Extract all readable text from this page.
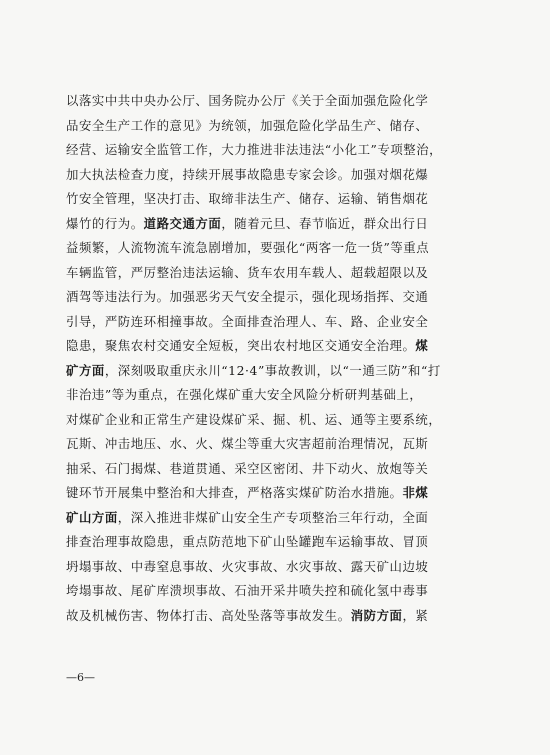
以落实中共中央办公厅、国务院办公厅《关于全面加强危险化学
品安全生产工作的意见》为统领，加强危险化学品生产、储存、
经营、运输安全监管工作，大力推进非法违法“小化工”专项整治，
加大执法检查力度，持续开展事故隐患专家会诊。加强对烟花爆
竹安全管理，坚决打击、取缔非法生产、储存、运输、销售烟花
爆竹的行为。道路交通方面，随着元旦、春节临近，群众出行日
益频繁，人流物流车流急剧增加，要强化“两客一危一货”等重点
车辆监管，严厉整治违法运输、货车农用车载人、超载超限以及
酒驾等违法行为。加强恶劣天气安全提示，强化现场指挥、交通
引导，严防连环相撞事故。全面排查治理人、车、路、企业安全
隐患，聚焦农村交通安全短板，突出农村地区交通安全治理。煤
矿方面，深刻吸取重庆永川“12·4”事故教训，以“一通三防”和“打
非治违”等为重点，在强化煤矿重大安全风险分析研判基础上，
对煤矿企业和正常生产建设煤矿采、掘、机、运、通等主要系统，
瓦斯、冲击地压、水、火、煤尘等重大灾害超前治理情况，瓦斯
抽采、石门揭煤、巷道贯通、采空区密闭、井下动火、放炮等关
键环节开展集中整治和大排查，严格落实煤矿防治水措施。非煤
矿山方面，深入推进非煤矿山安全生产专项整治三年行动，全面
排查治理事故隐患，重点防范地下矿山坠罐跑车运输事故、冒顶
坍塌事故、中毒窒息事故、火灾事故、水灾事故、露天矿山边坡
垮塌事故、尾矿库溃坝事故、石油开采井喷失控和硫化氢中毒事
故及机械伤害、物体打击、高处坠落等事故发生。消防方面，紧
—6—
